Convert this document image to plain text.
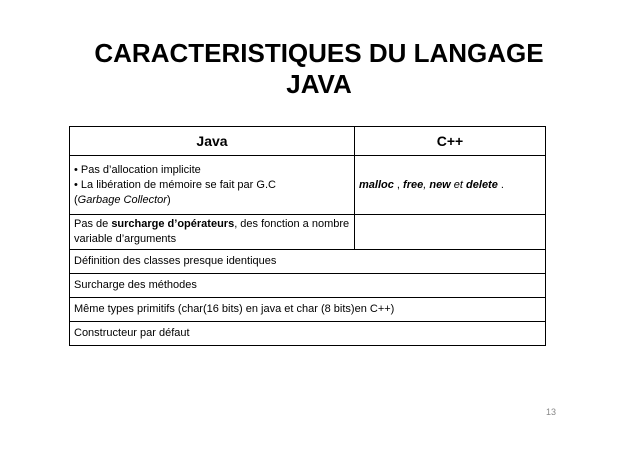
CARACTERISTIQUES DU LANGAGE
JAVA
Java	C++

• Pas d’allocation implicite
• La libération de mémoire se fait par G.C
(Garbage Collector)	malloc , free, new et delete .
Pas de surcharge d’opérateurs, des fonction a nombre variable d’arguments	
Définition des classes presque identiques	
Surcharge des méthodes	
Même types primitifs (char(16 bits) en java et char (8 bits)en C++)	
Constructeur par défaut	
13
